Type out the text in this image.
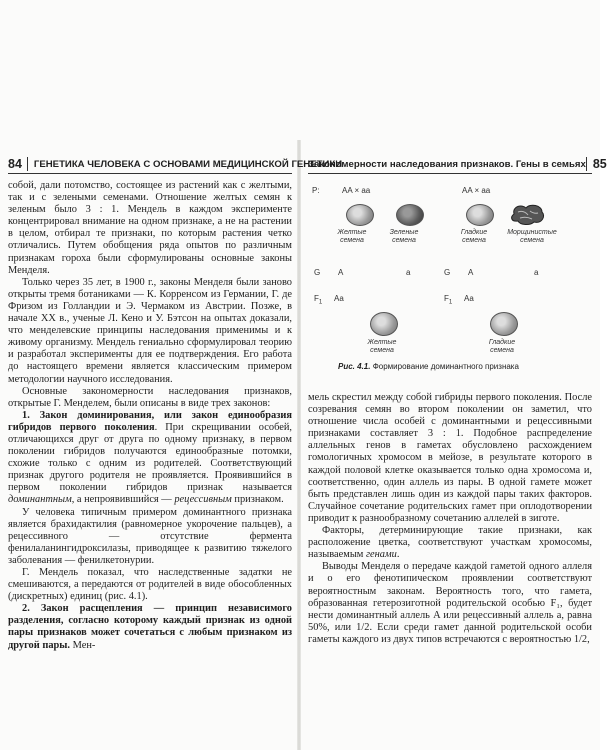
84	ГЕНЕТИКА ЧЕЛОВЕКА С ОСНОВАМИ МЕДИЦИНСКОЙ ГЕНЕТИКИ

собой, дали потомство, состоящее из растений как с желтыми, так и с зелеными семенами. Отношение желтых семян к зеленым было 3 : 1. Мендель в каждом эксперименте концентрировал внимание на одном признаке, а не на растении в целом, отбирал те признаки, по которым растения четко отличались. Путем обобщения ряда опытов по различным признакам гороха были сформулированы основные законы Менделя.

Только через 35 лет, в 1900 г., законы Менделя были заново открыты тремя ботаниками — К. Корренсом из Германии, Г. де Фризом из Голландии и Э. Чермаком из Австрии. Позже, в начале XX в., ученые Л. Кено и У. Бэтсон на опытах доказали, что менделевские принципы наследования применимы и к живому организму. Мендель гениально сформулировал теорию и разработал эксперименты для ее подтверждения. Его работа до настоящего времени является классическим примером методологии научного исследования.

Основные закономерности наследования признаков, открытые Г. Менделем, были описаны в виде трех законов:

1. Закон доминирования, или закон единообразия гибридов первого поколения. При скрещивании особей, отличающихся друг от друга по одному признаку, в первом поколении гибридов получаются единообразные потомки, схожие только с одним из родителей. Соответствующий признак другого родителя не проявляется. Проявившийся в первом поколении гибридов признак называется доминантным, а непроявившийся — рецессивным признаком.

У человека типичным примером доминантного признака является брахидактилия (равномерное укорочение пальцев), а рецессивного — отсутствие фермента фенилаланингидроксилазы, приводящее к развитию тяжелого заболевания — фенилкетонурии.

Г. Мендель показал, что наследственные задатки не смешиваются, а передаются от родителей в виде обособленных (дискретных) единиц (рис. 4.1).

2. Закон расщепления — принцип независимого разделения, согласно которому каждый признак из одной пары признаков может сочетаться с любым признаком из другой пары. Мен-

Закономерности наследования признаков. Гены в семьях 85
P:	AA × aa	AA × aa
Желтые семена
Зеленые семена
Гладкие семена
Морщинистые семена
G A	a	G A	a
$F_1$ Aa	$F_1$ Aa
Желтые семена
Гладкие семена
Рис. 4.1. Формирование доминантного признака

мель скрестил между собой гибриды первого поколения. После созревания семян во втором поколении он заметил, что отношение числа особей с доминантными и рецессивными признаками составляет 3 : 1. Подобное распределение аллельных генов в гаметах обусловлено расхождением гомологичных хромосом в мейозе, в результате которого в каждой половой клетке оказывается только одна хромосома и, соответственно, один аллель из пары. В одной гамете может быть представлен лишь один из каждой пары таких факторов. Случайное сочетание родительских гамет при оплодотворении приводит к разнообразному сочетанию аллелей в зиготе.

Факторы, детерминирующие такие признаки, как расположение цветка, соответствуют участкам хромосомы, называемым генами.

Выводы Менделя о передаче каждой гаметой одного аллеля и о его фенотипическом проявлении соответствуют вероятностным законам. Вероятность того, что гамета, образованная гетерозиготной родительской особью F₁, будет нести доминантный аллель A или рецессивный аллель a, равна 50%, или 1/2. Если среди гамет данной родительской особи гаметы каждого из двух типов встречаются с вероятностью 1/2,
